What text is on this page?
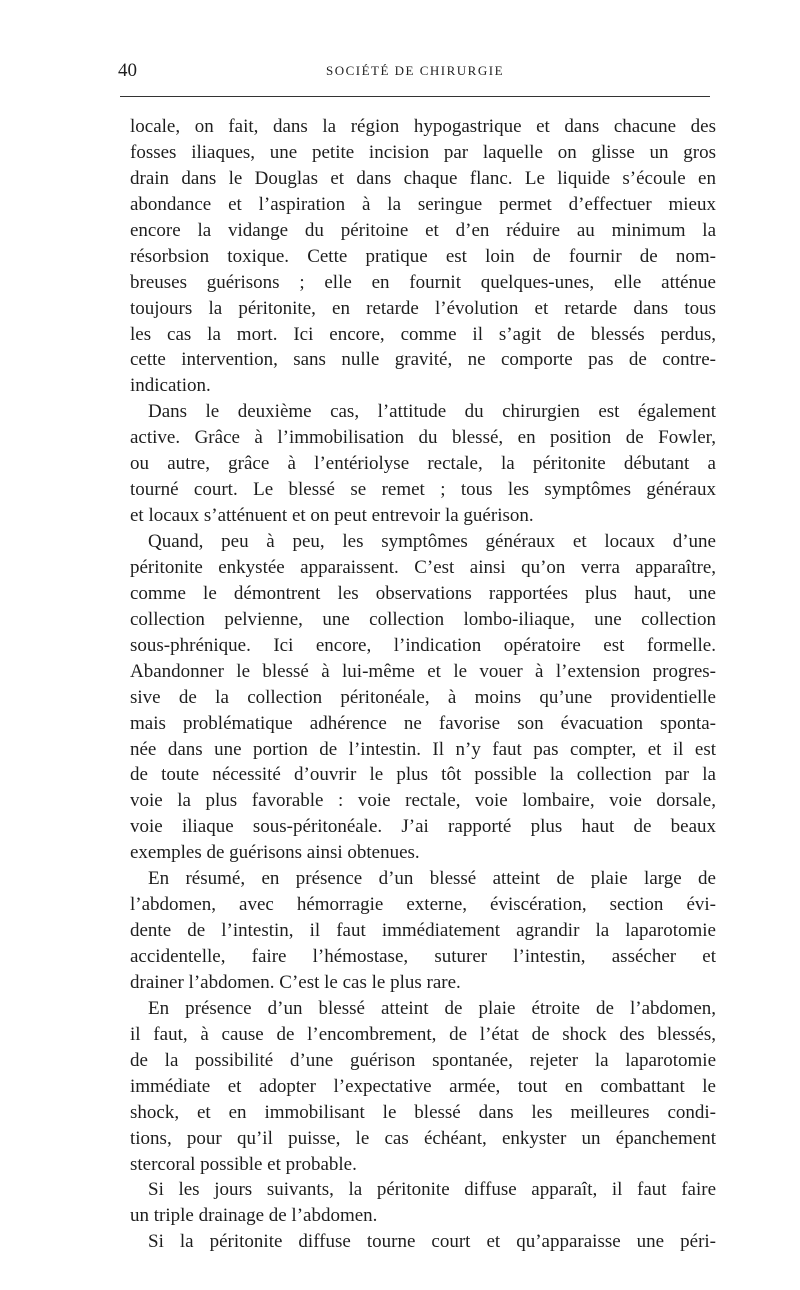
40	SOCIÉTÉ DE CHIRURGIE
locale, on fait, dans la région hypogastrique et dans chacune des
fosses iliaques, une petite incision par laquelle on glisse un gros
drain dans le Douglas et dans chaque flanc. Le liquide s’écoule en
abondance et l’aspiration à la seringue permet d’effectuer mieux
encore la vidange du péritoine et d’en réduire au minimum la
résorbsion toxique. Cette pratique est loin de fournir de nom-
breuses guérisons ; elle en fournit quelques-unes, elle atténue
toujours la péritonite, en retarde l’évolution et retarde dans tous
les cas la mort. Ici encore, comme il s’agit de blessés perdus,
cette intervention, sans nulle gravité, ne comporte pas de contre-
indication.
Dans le deuxième cas, l’attitude du chirurgien est également
active. Grâce à l’immobilisation du blessé, en position de Fowler,
ou autre, grâce à l’entériolyse rectale, la péritonite débutant a
tourné court. Le blessé se remet ; tous les symptômes généraux
et locaux s’atténuent et on peut entrevoir la guérison.
Quand, peu à peu, les symptômes généraux et locaux d’une
péritonite enkystée apparaissent. C’est ainsi qu’on verra apparaître,
comme le démontrent les observations rapportées plus haut, une
collection pelvienne, une collection lombo-iliaque, une collection
sous-phrénique. Ici encore, l’indication opératoire est formelle.
Abandonner le blessé à lui-même et le vouer à l’extension progres-
sive de la collection péritonéale, à moins qu’une providentielle
mais problématique adhérence ne favorise son évacuation sponta-
née dans une portion de l’intestin. Il n’y faut pas compter, et il est
de toute nécessité d’ouvrir le plus tôt possible la collection par la
voie la plus favorable : voie rectale, voie lombaire, voie dorsale,
voie iliaque sous-péritonéale. J’ai rapporté plus haut de beaux
exemples de guérisons ainsi obtenues.
En résumé, en présence d’un blessé atteint de plaie large de
l’abdomen, avec hémorragie externe, éviscération, section évi-
dente de l’intestin, il faut immédiatement agrandir la laparotomie
accidentelle, faire l’hémostase, suturer l’intestin, assécher et
drainer l’abdomen. C’est le cas le plus rare.
En présence d’un blessé atteint de plaie étroite de l’abdomen,
il faut, à cause de l’encombrement, de l’état de shock des blessés,
de la possibilité d’une guérison spontanée, rejeter la laparotomie
immédiate et adopter l’expectative armée, tout en combattant le
shock, et en immobilisant le blessé dans les meilleures condi-
tions, pour qu’il puisse, le cas échéant, enkyster un épanchement
stercoral possible et probable.
Si les jours suivants, la péritonite diffuse apparaît, il faut faire
un triple drainage de l’abdomen.
Si la péritonite diffuse tourne court et qu’apparaisse une péri-
